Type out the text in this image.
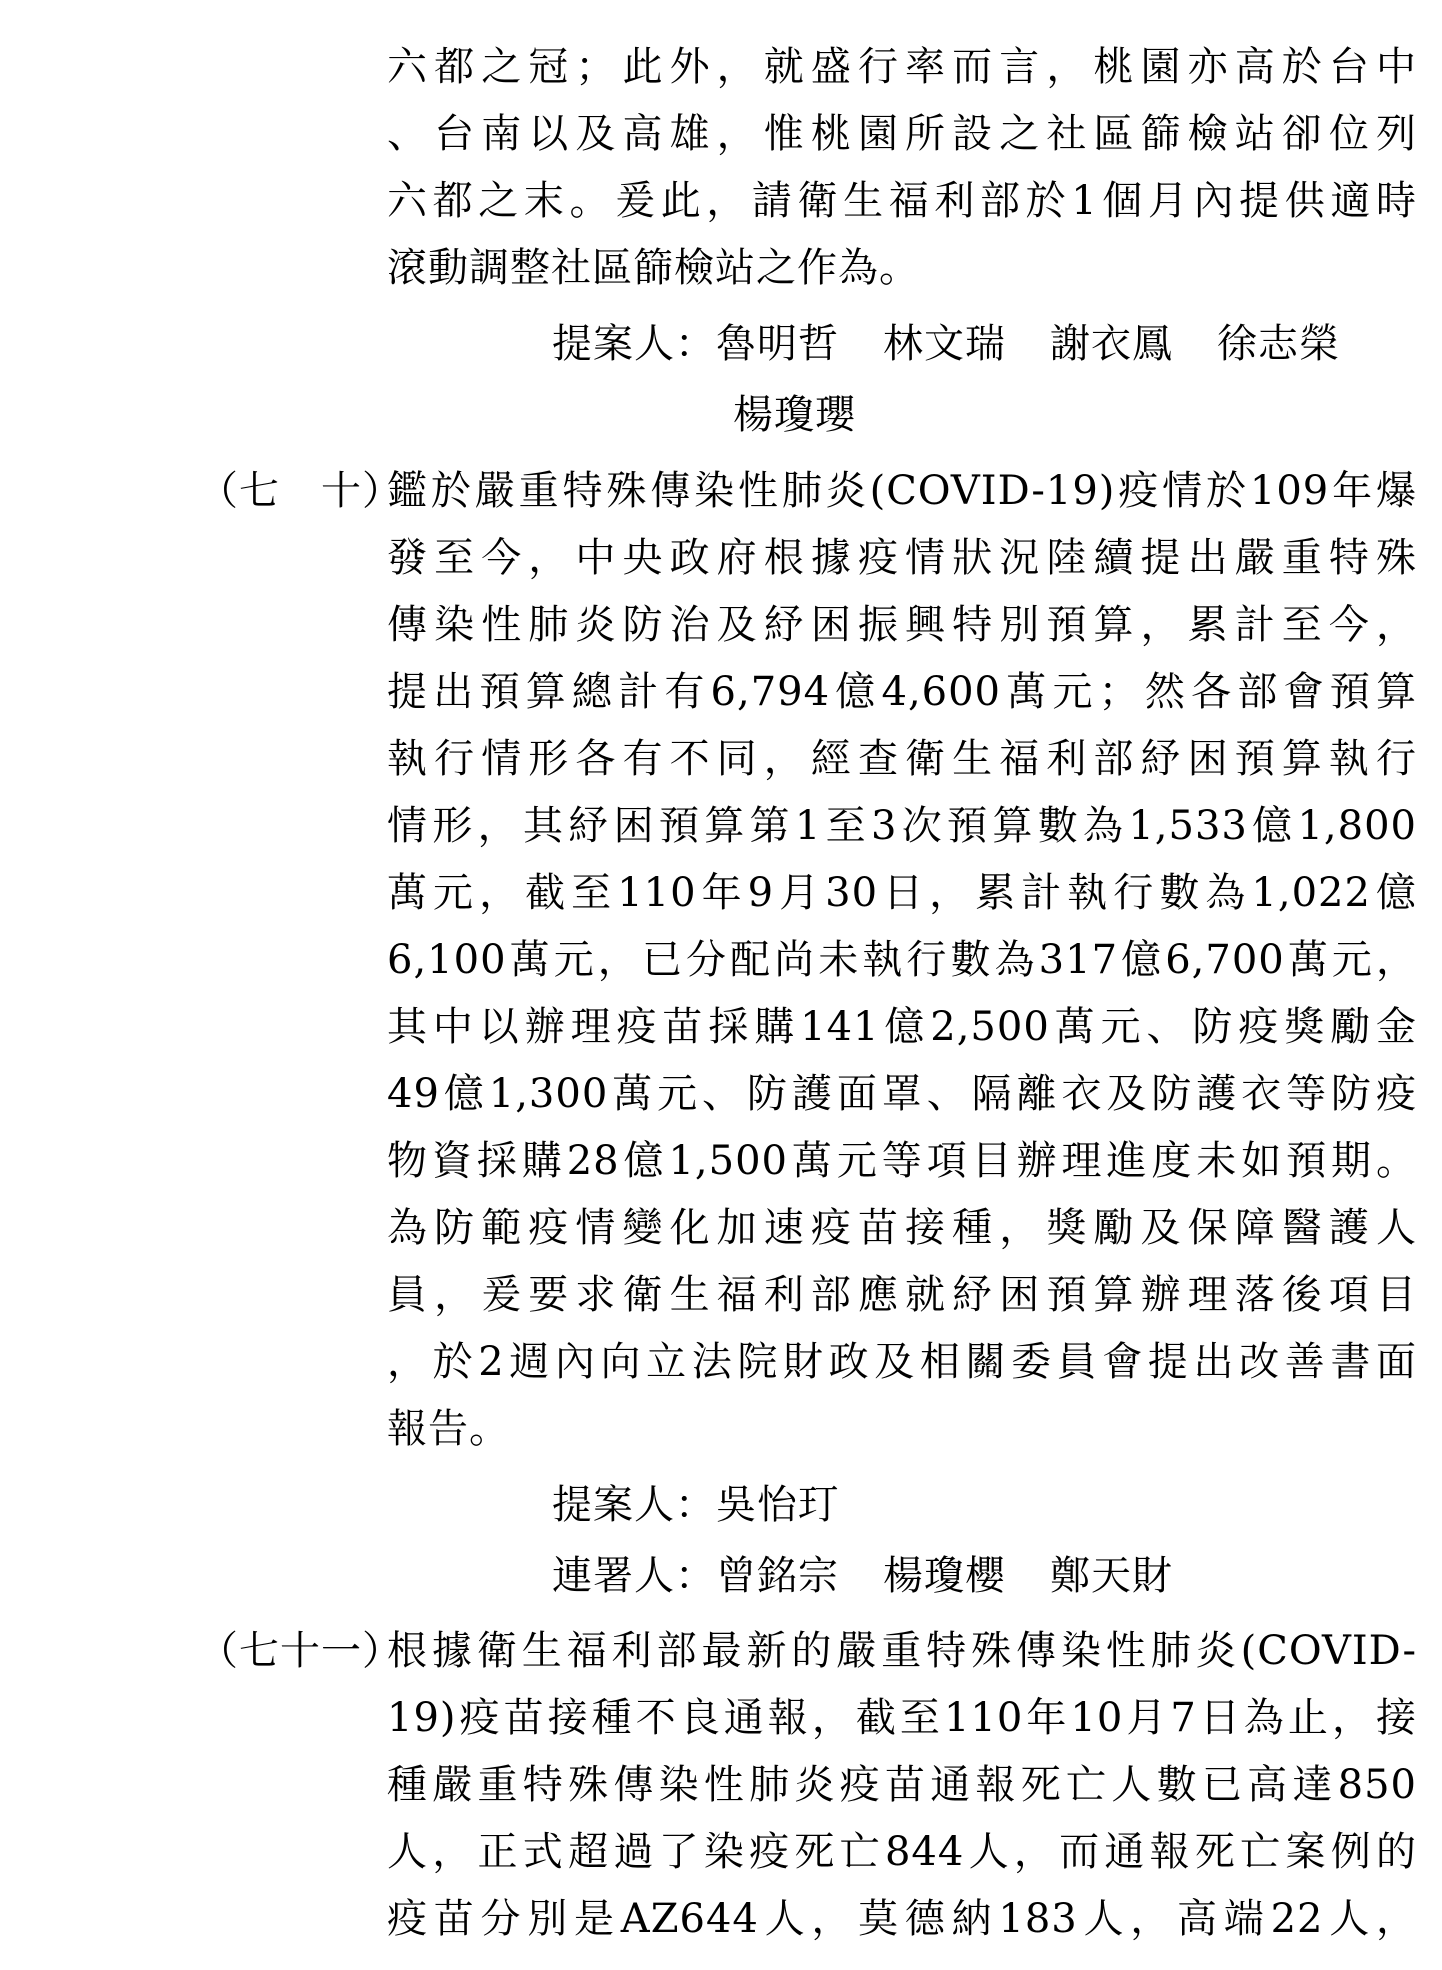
六都之冠；此外，就盛行率而言，桃園亦高於台中
、台南以及高雄，惟桃園所設之社區篩檢站卻位列
六都之末。爰此，請衛生福利部於1個月內提供適時
滾動調整社區篩檢站之作為。
提案人：魯明哲 林文瑞 謝衣鳳 徐志榮
楊瓊瓔
（七　十）
鑑於嚴重特殊傳染性肺炎(COVID-19)疫情於109年爆
發至今，中央政府根據疫情狀況陸續提出嚴重特殊
傳染性肺炎防治及紓困振興特別預算，累計至今，
提出預算總計有6,794億4,600萬元；然各部會預算
執行情形各有不同，經查衛生福利部紓困預算執行
情形，其紓困預算第1至3次預算數為1,533億1,800
萬元，截至110年9月30日，累計執行數為1,022億
6,100萬元，已分配尚未執行數為317億6,700萬元，
其中以辦理疫苗採購141億2,500萬元、防疫獎勵金
49億1,300萬元、防護面罩、隔離衣及防護衣等防疫
物資採購28億1,500萬元等項目辦理進度未如預期。
為防範疫情變化加速疫苗接種，獎勵及保障醫護人
員，爰要求衛生福利部應就紓困預算辦理落後項目
，於2週內向立法院財政及相關委員會提出改善書面
報告。
提案人：吳怡玎
連署人：曾銘宗 楊瓊櫻 鄭天財
（七十一）
根據衛生福利部最新的嚴重特殊傳染性肺炎(COVID-
19)疫苗接種不良通報，截至110年10月7日為止，接
種嚴重特殊傳染性肺炎疫苗通報死亡人數已高達850
人，正式超過了染疫死亡844人，而通報死亡案例的
疫苗分別是AZ644人，莫德納183人，高端22人，
